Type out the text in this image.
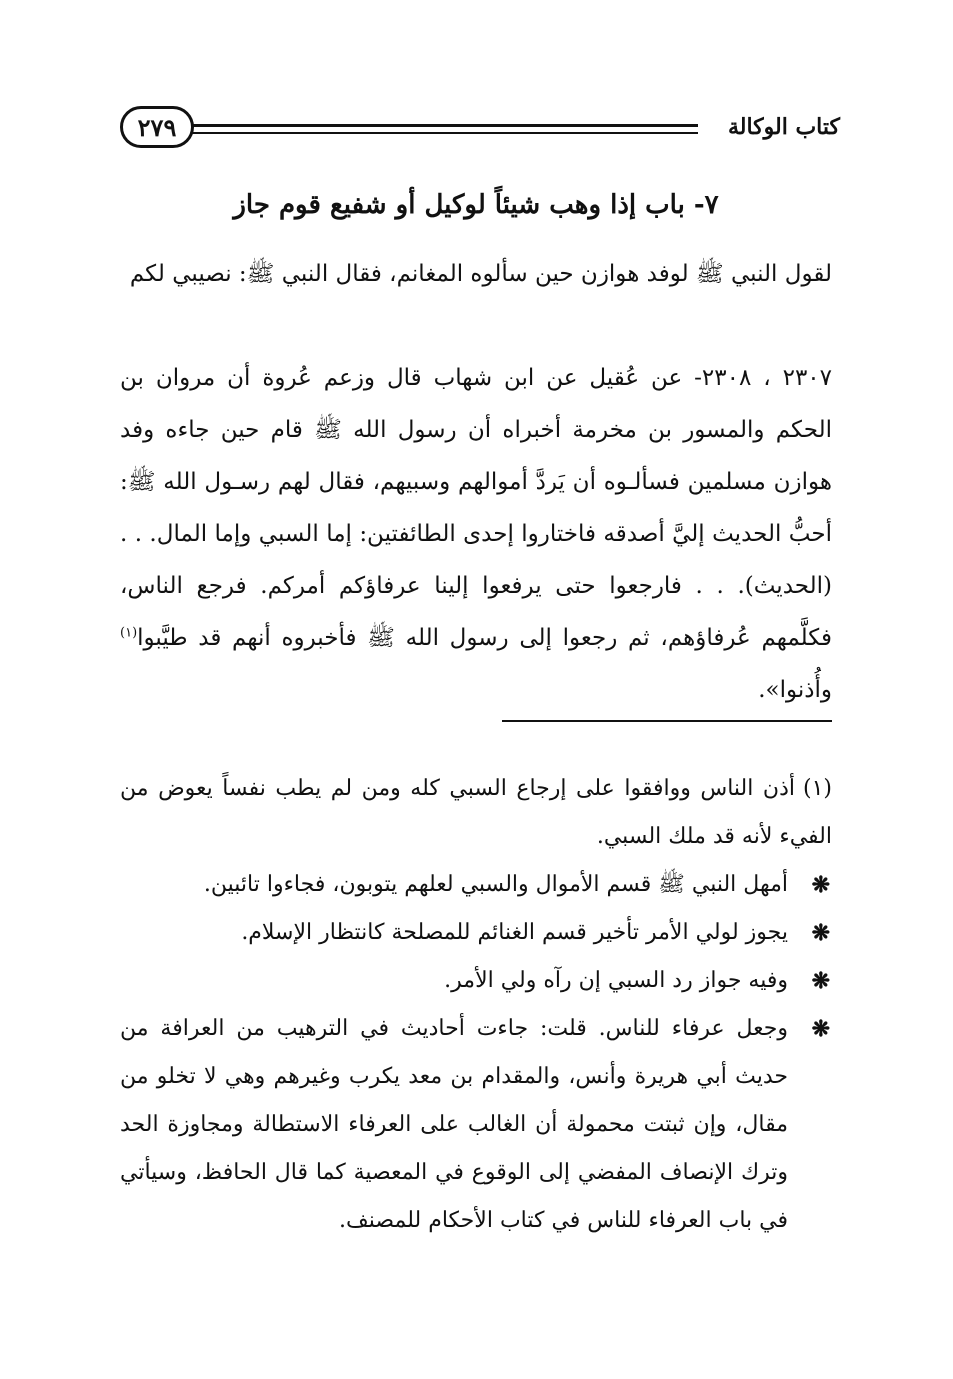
كتاب الوكالة
٢٧٩
٧- باب إذا وهب شيئاً لوكيل أو شفيع قوم جاز
لقول النبي ﷺ لوفد هوازن حين سألوه المغانم، فقال النبي ﷺ: نصيبي لكم
٢٣٠٧ ، ٢٣٠٨- عن عُقيل عن ابن شهاب قال وزعم عُروة أن مروان بن الحكم والمسور بن مخرمة أخبراه أن رسول الله ﷺ قام حين جاءه وفد هوازن مسلمين فسألـوه أن يَردَّ أموالهم وسبيهم، فقال لهم رسـول الله ﷺ: أحبُّ الحديث إليَّ أصدقه فاختاروا إحدى الطائفتين: إما السبي وإما المال. . . (الحديث). . . فارجعوا حتى يرفعوا إلينا عرفاؤكم أمركم. فرجع الناس، فكلَّمهم عُرفاؤهم، ثم رجعوا إلى رسول الله ﷺ فأخبروه أنهم قد طيَّبوا$^{(١)}$ وأُذنوا».
(١)أذن الناس ووافقوا على إرجاع السبي كله ومن لم يطب نفساً يعوض من الفيء لأنه قد ملك السبي.
❋
أمهل النبي ﷺ قسم الأموال والسبي لعلهم يتوبون، فجاءوا تائبين.
❋
يجوز لولي الأمر تأخير قسم الغنائم للمصلحة كانتظار الإسلام.
❋
وفيه جواز رد السبي إن رآه ولي الأمر.
❋
وجعل عرفاء للناس. قلت: جاءت أحاديث في الترهيب من العرافة من حديث أبي هريرة وأنس، والمقدام بن معد يكرب وغيرهم وهي لا تخلو من مقال، وإن ثبتت محمولة أن الغالب على العرفاء الاستطالة ومجاوزة الحد وترك الإنصاف المفضي إلى الوقوع في المعصية كما قال الحافظ، وسيأتي في باب العرفاء للناس في كتاب الأحكام للمصنف.
